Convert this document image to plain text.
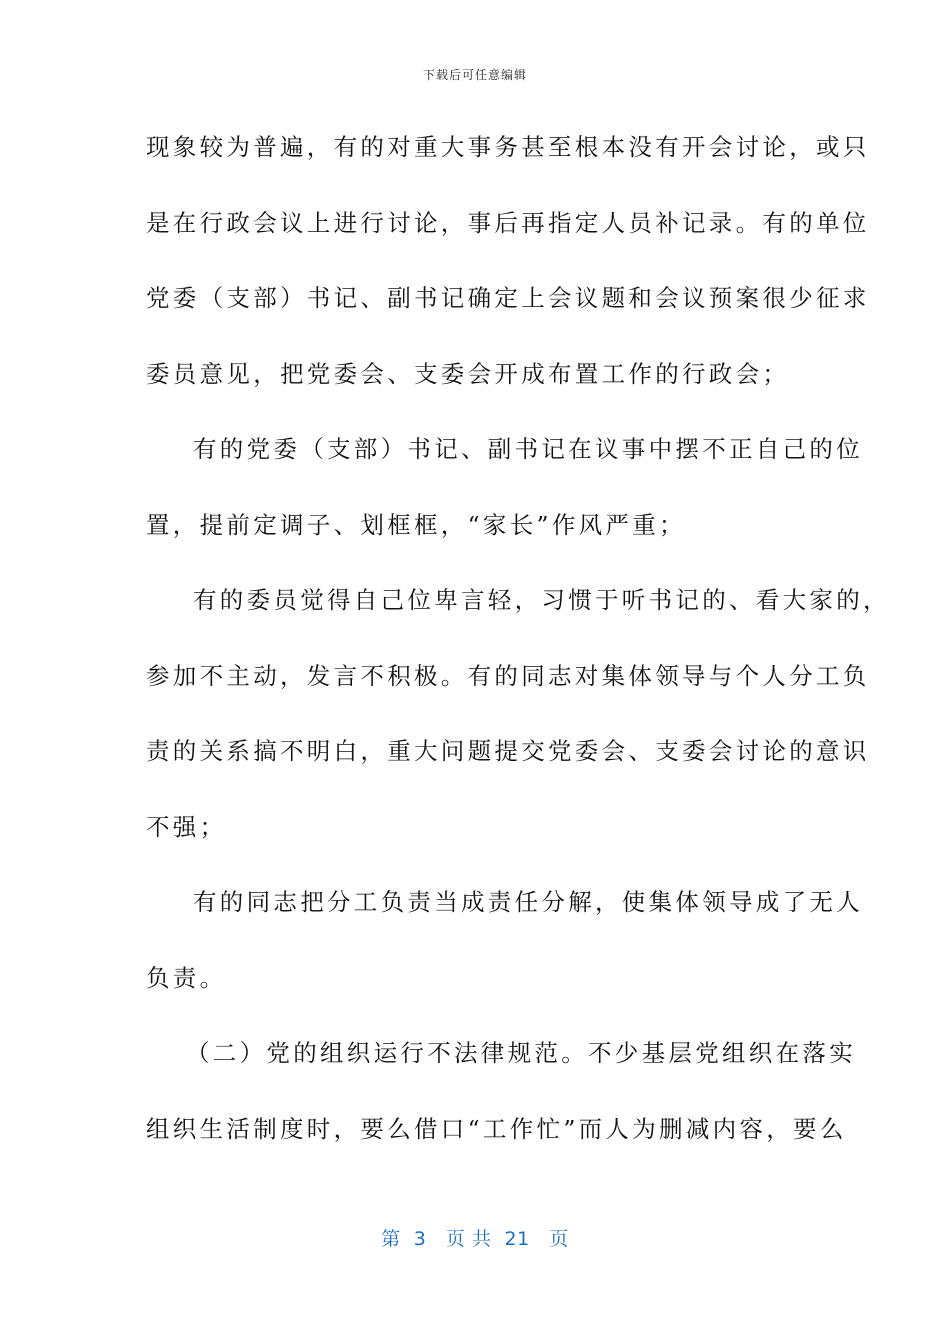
下载后可任意编辑
现象较为普遍，有的对重大事务甚至根本没有开会讨论，或只
是在行政会议上进行讨论，事后再指定人员补记录。有的单位
党委（支部）书记、副书记确定上会议题和会议预案很少征求
委员意见，把党委会、支委会开成布置工作的行政会；
有的党委（支部）书记、副书记在议事中摆不正自己的位
置，提前定调子、划框框，“家长”作风严重；
有的委员觉得自己位卑言轻，习惯于听书记的、看大家的，
参加不主动，发言不积极。有的同志对集体领导与个人分工负
责的关系搞不明白，重大问题提交党委会、支委会讨论的意识
不强；
有的同志把分工负责当成责任分解，使集体领导成了无人
负责。
（二）党的组织运行不法律规范。不少基层党组织在落实
组织生活制度时，要么借口“工作忙”而人为删减内容，要么
第  3   页 共  21   页
